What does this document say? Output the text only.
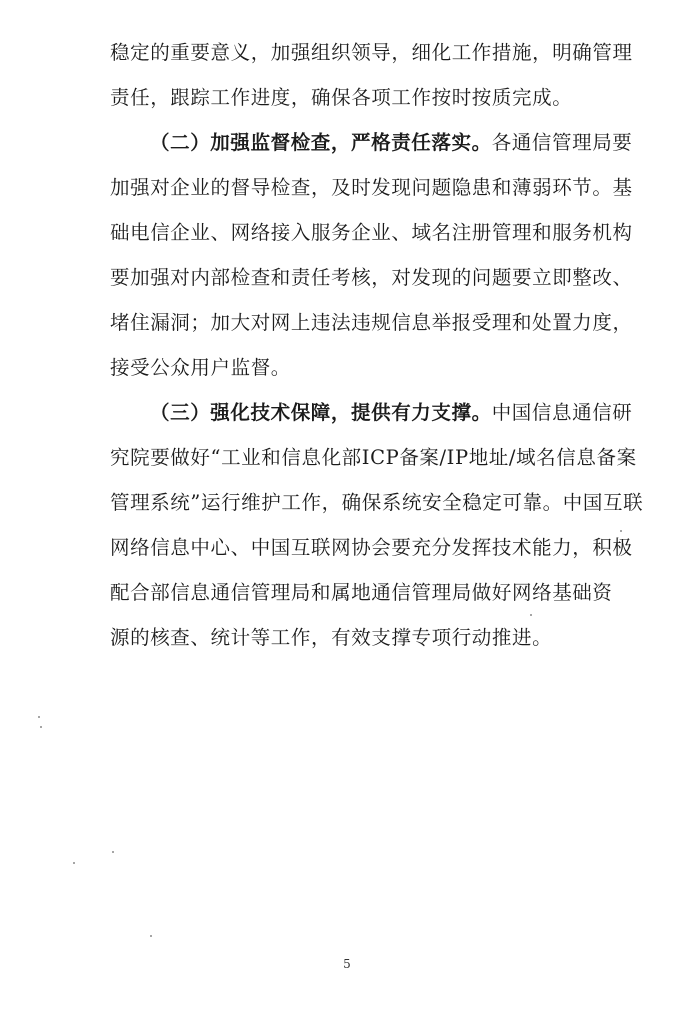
稳定的重要意义，加强组织领导，细化工作措施，明确管理
责任，跟踪工作进度，确保各项工作按时按质完成。
（二）加强监督检查，严格责任落实。各通信管理局要
加强对企业的督导检查，及时发现问题隐患和薄弱环节。基
础电信企业、网络接入服务企业、域名注册管理和服务机构
要加强对内部检查和责任考核，对发现的问题要立即整改、
堵住漏洞；加大对网上违法违规信息举报受理和处置力度，
接受公众用户监督。
（三）强化技术保障，提供有力支撑。中国信息通信研
究院要做好“工业和信息化部ICP备案/IP地址/域名信息备案
管理系统”运行维护工作，确保系统安全稳定可靠。中国互联
网络信息中心、中国互联网协会要充分发挥技术能力，积极
配合部信息通信管理局和属地通信管理局做好网络基础资
源的核查、统计等工作，有效支撑专项行动推进。
5
